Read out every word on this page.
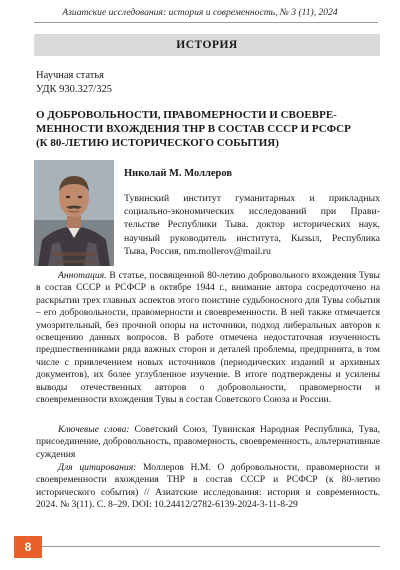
Азиатские исследования: история и современность, № 3 (11), 2024
ИСТОРИЯ
Научная статья
УДК 930.327/325
О ДОБРОВОЛЬНОСТИ, ПРАВОМЕРНОСТИ И СВОЕВРЕ-
МЕННОСТИ ВХОЖДЕНИЯ ТНР В СОСТАВ СССР И РСФСР
(К 80-ЛЕТИЮ ИСТОРИЧЕСКОГО СОБЫТИЯ)
Николай М. Моллеров
Тувинский институт гуманитарных и прикладных
социально-экономических исследований при Прави-
тельстве Республики Тыва. доктор исторических наук,
научный руководитель института, Кызыл, Республика
Тыва, Россия, nm.mollerov@mail.ru

Аннотация. В статье, посвященной 80-летию добровольного вхождения Тувы в состав СССР и РСФСР в октябре 1944 г., внимание автора сосредоточено на раскрытии трех главных аспектов этого поистине судьбоносного для Тувы события – его добровольности, правомерности и своевременности. В ней также отмечается умозрительный, без прочной опоры на источники, подход либеральных авторов к освещению данных вопросов. В работе отмечена недостаточная изученность предшественниками ряда важных сторон и деталей проблемы, предпринята, в том числе с привлечением новых источников (периодических изданий и архивных документов), их более углубленное изучение. В итоге подтверждены и усилены выводы отечественных авторов о добровольности, правомерности и своевременности вхождения Тувы в состав Советского Союза и России.

Ключевые слова: Советский Союз, Тувинская Народная Республика, Тува, присоединение, добровольность, правомерность, своевременность, альтернативные суждения

Для цитирования: Моллеров Н.М. О добровольности, правомерности и своевременности вхождения ТНР в состав СССР и РСФСР (к 80-летию исторического события) // Азиатские исследования: история и современность. 2024. № 3(11). С. 8–29. DOI: 10.24412/2782-6139-2024-3-11-8-29

8
